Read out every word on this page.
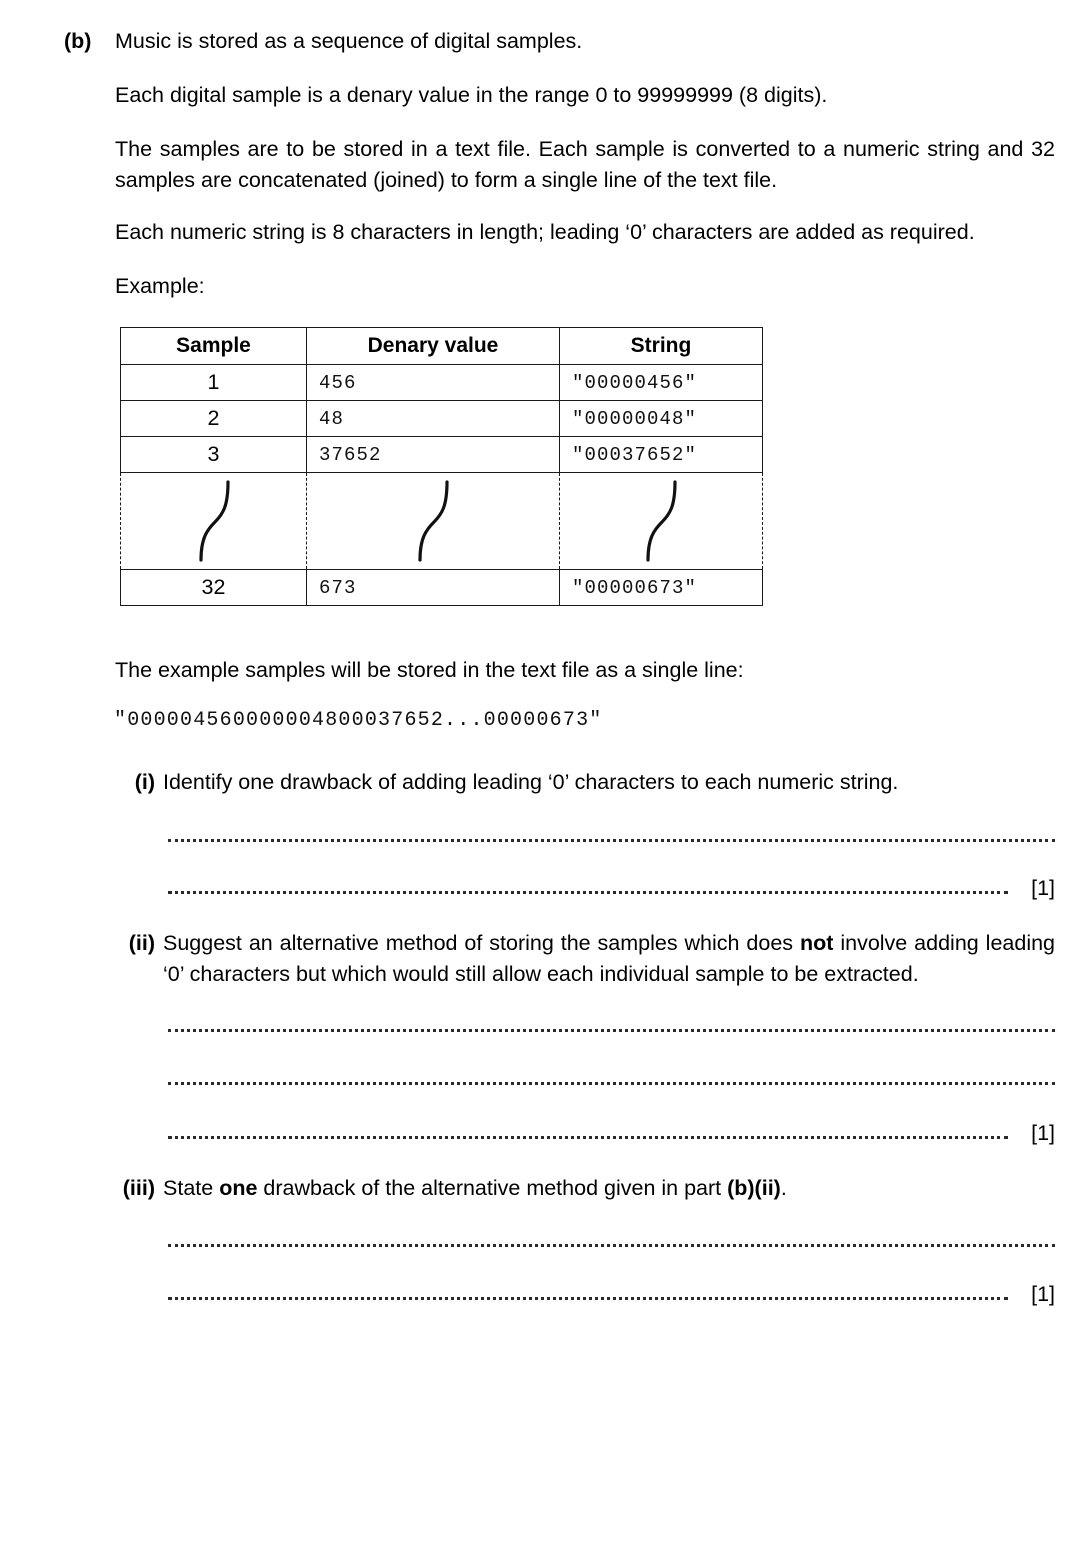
(b) Music is stored as a sequence of digital samples.
Each digital sample is a denary value in the range 0 to 99999999 (8 digits).
The samples are to be stored in a text file. Each sample is converted to a numeric string and 32 samples are concatenated (joined) to form a single line of the text file.
Each numeric string is 8 characters in length; leading ‘0’ characters are added as required.
Example:
Sample	Denary value	String
1	456	"00000456"
2	48	"00000048"
3	37652	"00037652"

32	673	"00000673"
The example samples will be stored in the text file as a single line:
"000004560000004800037652...00000673"
(i) Identify one drawback of adding leading ‘0’ characters to each numeric string.
[1]
(ii) Suggest an alternative method of storing the samples which does not involve adding leading ‘0’ characters but which would still allow each individual sample to be extracted.
[1]
(iii) State one drawback of the alternative method given in part (b)(ii).
[1]
